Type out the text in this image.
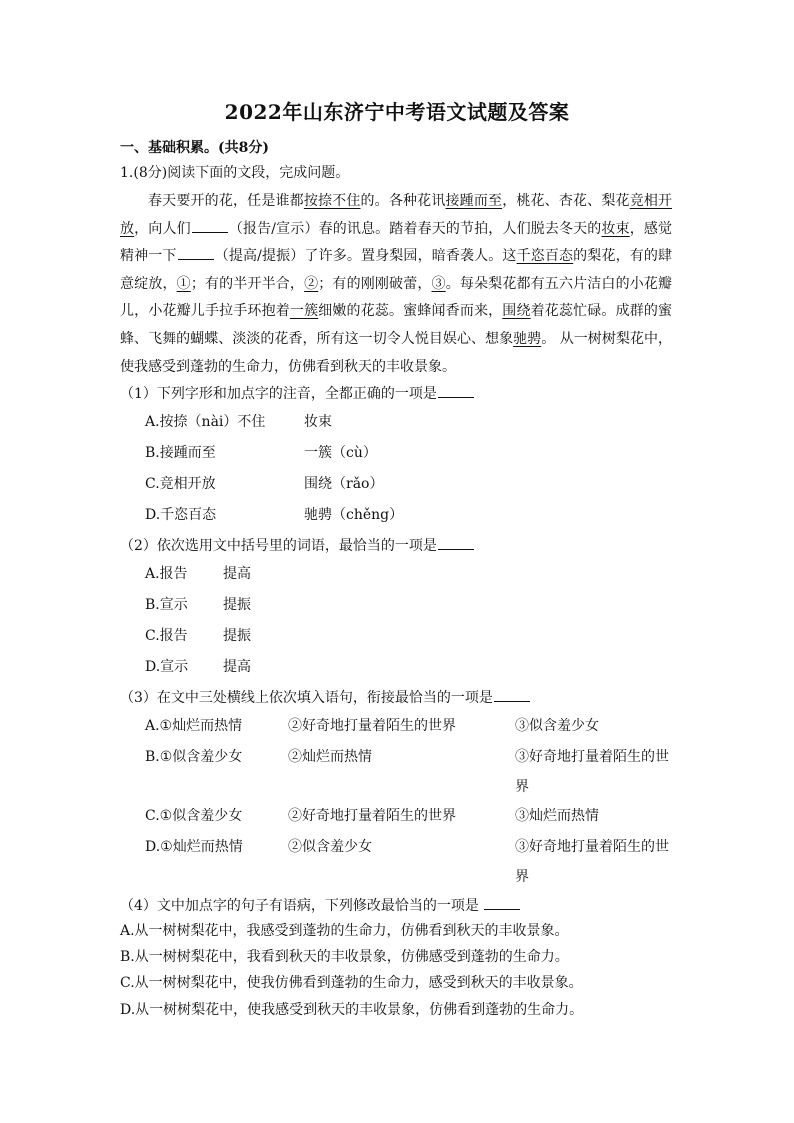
2022年山东济宁中考语文试题及答案
一、基础积累。(共8分)
1.(8分)阅读下面的文段，完成问题。
春天要开的花，任是谁都按捺不住的。各种花讯接踵而至，桃花、杏花、梨花竞相开放，向人们	（报告/宣示）春的讯息。踏着春天的节拍，人们脱去冬天的妆束，感觉精神一下	（提高/提振）了许多。置身梨园，暗香袭人。这千恣百态的梨花，有的肆意绽放，①；有的半开半合，②；有的刚刚破蕾，③。每朵梨花都有五六片洁白的小花瓣儿，小花瓣儿手拉手环抱着一簇细嫩的花蕊。蜜蜂闻香而来，围绕着花蕊忙碌。成群的蜜蜂、飞舞的蝴蝶、淡淡的花香，所有这一切令人悦目娱心、想象驰骋。 从一树树梨花中，使我感受到蓬勃的生命力，仿佛看到秋天的丰收景象。
（1）下列字形和加点字的注音，全都正确的一项是
A.按捺（nài）不住	妆束
B.接踵而至	一簇（cù）
C.竞相开放	围绕（rǎo）
D.千恣百态	驰骋（chěng）
（2）依次选用文中括号里的词语，最恰当的一项是
A.报告	提高
B.宣示	提振
C.报告	提振
D.宣示 提高
（3）在文中三处横线上依次填入语句，衔接最恰当的一项是
A.①灿烂而热情	②好奇地打量着陌生的世界	③似含羞少女
B.①似含羞少女	②灿烂而热情	③好奇地打量着陌生的世界
C.①似含羞少女	②好奇地打量着陌生的世界	③灿烂而热情
D.①灿烂而热情	②似含羞少女	③好奇地打量着陌生的世界
（4）文中加点字的句子有语病，下列修改最恰当的一项是
A.从一树树梨花中，我感受到蓬勃的生命力，仿佛看到秋天的丰收景象。
B.从一树树梨花中，我看到秋天的丰收景象，仿佛感受到蓬勃的生命力。
C.从一树树梨花中，使我仿佛看到蓬勃的生命力，感受到秋天的丰收景象。
D.从一树树梨花中，使我感受到秋天的丰收景象，仿佛看到蓬勃的生命力。
